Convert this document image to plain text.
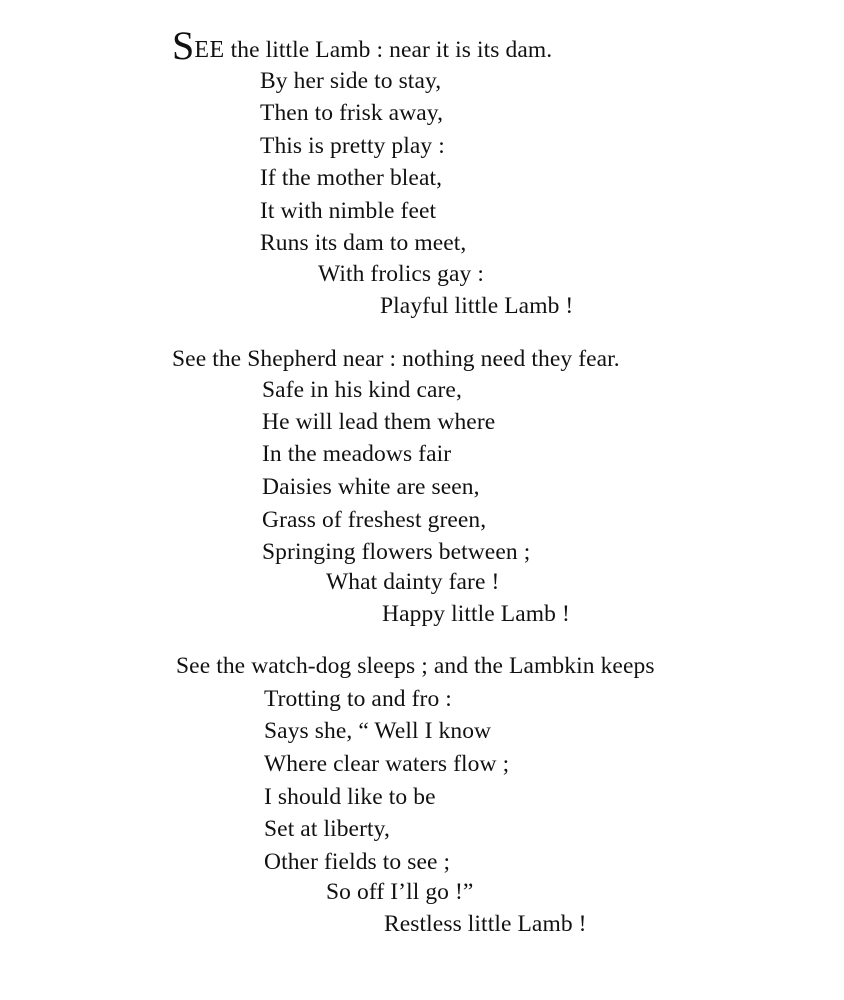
SEE the little Lamb : near it is its dam.
By her side to stay,
Then to frisk away,
This is pretty play :
If the mother bleat,
It with nimble feet
Runs its dam to meet,
With frolics gay :
Playful little Lamb !
See the Shepherd near : nothing need they fear.
Safe in his kind care,
He will lead them where
In the meadows fair
Daisies white are seen,
Grass of freshest green,
Springing flowers between ;
What dainty fare !
Happy little Lamb !
See the watch-dog sleeps ; and the Lambkin keeps
Trotting to and fro :
Says she, “ Well I know
Where clear waters flow ;
I should like to be
Set at liberty,
Other fields to see ;
So off I’ll go !”
Restless little Lamb !
